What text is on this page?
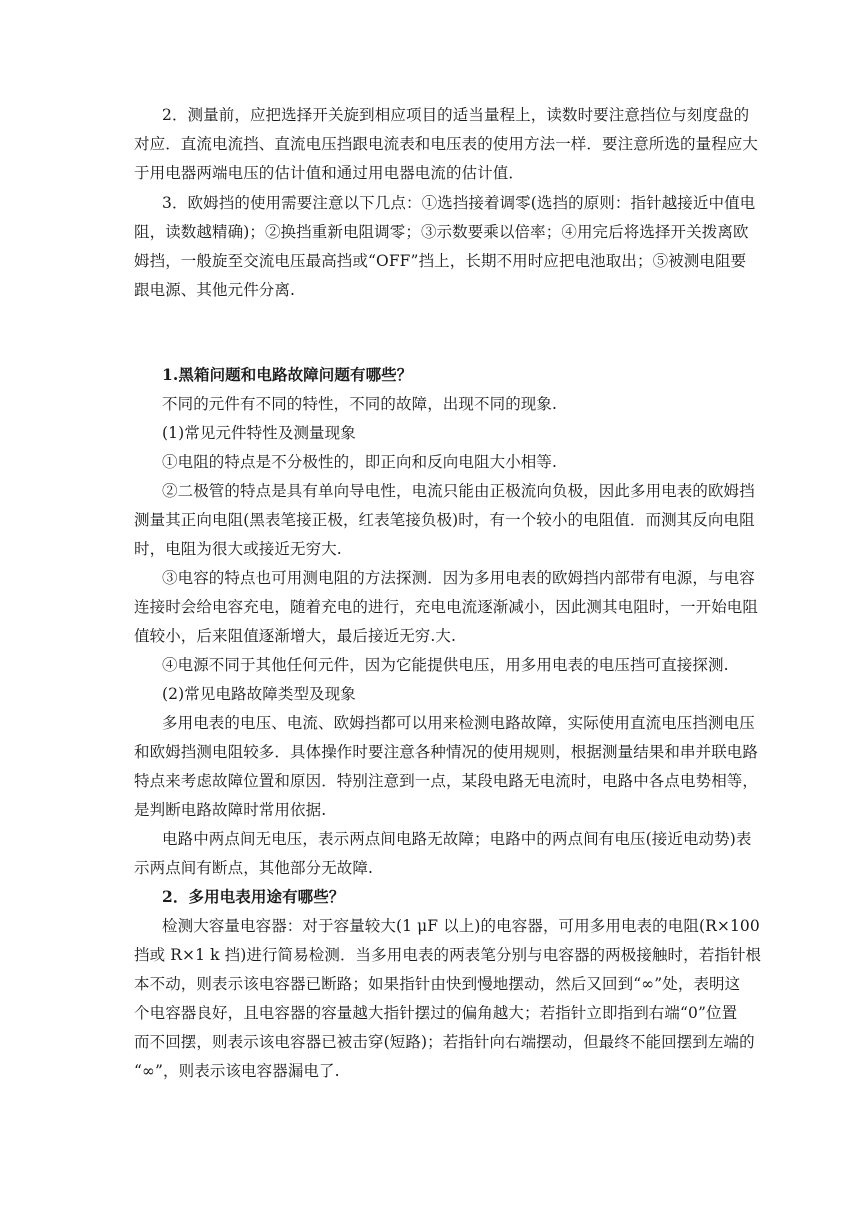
2．测量前，应把选择开关旋到相应项目的适当量程上，读数时要注意挡位与刻度盘的
对应．直流电流挡、直流电压挡跟电流表和电压表的使用方法一样．要注意所选的量程应大
于用电器两端电压的估计值和通过用电器电流的估计值．
3．欧姆挡的使用需要注意以下几点：①选挡接着调零(选挡的原则：指针越接近中值电
阻，读数越精确)；②换挡重新电阻调零；③示数要乘以倍率；④用完后将选择开关拨离欧
姆挡，一般旋至交流电压最高挡或“OFF”挡上，长期不用时应把电池取出；⑤被测电阻要
跟电源、其他元件分离.
1.黑箱问题和电路故障问题有哪些？
不同的元件有不同的特性，不同的故障，出现不同的现象.
(1)常见元件特性及测量现象
①电阻的特点是不分极性的，即正向和反向电阻大小相等.
②二极管的特点是具有单向导电性，电流只能由正极流向负极，因此多用电表的欧姆挡
测量其正向电阻(黑表笔接正极，红表笔接负极)时，有一个较小的电阻值．而测其反向电阻
时，电阻为很大或接近无穷大.
③电容的特点也可用测电阻的方法探测．因为多用电表的欧姆挡内部带有电源，与电容
连接时会给电容充电，随着充电的进行，充电电流逐渐减小，因此测其电阻时，一开始电阻
值较小，后来阻值逐渐增大，最后接近无穷.大.
④电源不同于其他任何元件，因为它能提供电压，用多用电表的电压挡可直接探测.
(2)常见电路故障类型及现象
多用电表的电压、电流、欧姆挡都可以用来检测电路故障，实际使用直流电压挡测电压
和欧姆挡测电阻较多．具体操作时要注意各种情况的使用规则，根据测量结果和串并联电路
特点来考虑故障位置和原因．特别注意到一点，某段电路无电流时，电路中各点电势相等，
是判断电路故障时常用依据.
电路中两点间无电压，表示两点间电路无故障；电路中的两点间有电压(接近电动势)表
示两点间有断点，其他部分无故障.
2．多用电表用途有哪些？
检测大容量电容器：对于容量较大(1 μF 以上)的电容器，可用多用电表的电阻(R×100
挡或 R×1 k 挡)进行简易检测．当多用电表的两表笔分别与电容器的两极接触时，若指针根
本不动，则表示该电容器已断路；如果指针由快到慢地摆动，然后又回到“∞”处，表明这
个电容器良好，且电容器的容量越大指针摆过的偏角越大；若指针立即指到右端“0”位置
而不回摆，则表示该电容器已被击穿(短路)；若指针向右端摆动，但最终不能回摆到左端的
“∞”，则表示该电容器漏电了.
